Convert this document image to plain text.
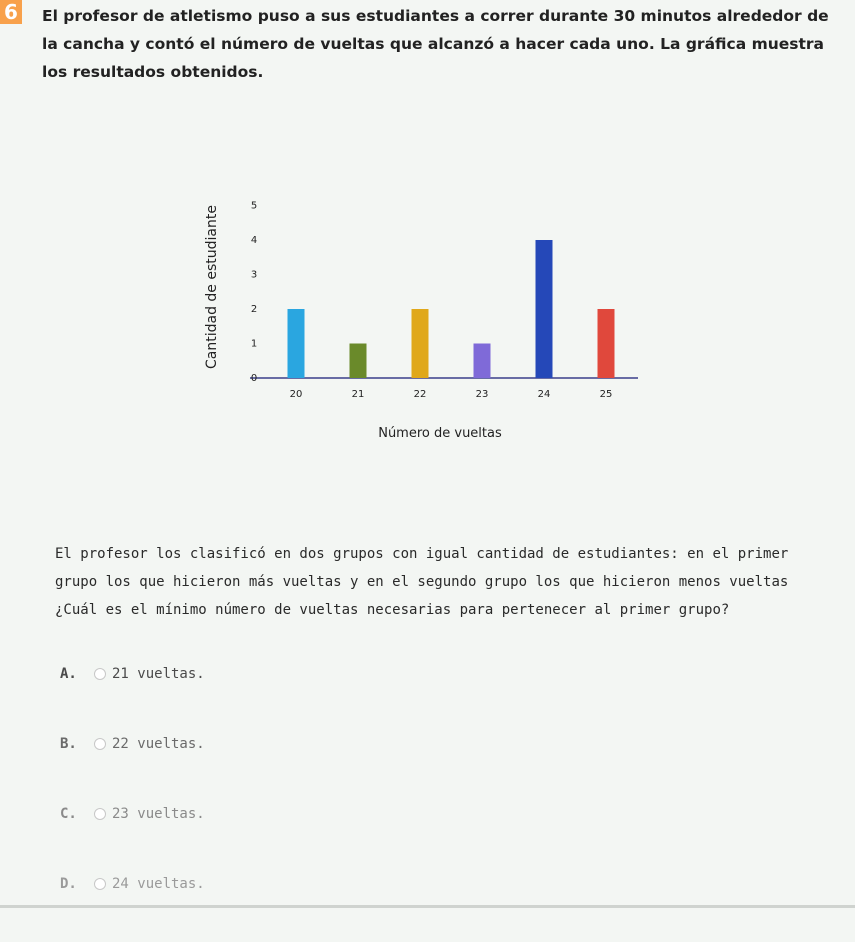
6 El profesor de atletismo puso a sus estudiantes a correr durante 30 minutos alrededor de
la cancha y contó el número de vueltas que alcanzó a hacer cada uno. La gráfica muestra
los resultados obtenidos.
0
1
2
3
4
5
20	21	22	23	24	25
Cantidad de estudiante
Número de vueltas
El profesor los clasificó en dos grupos con igual cantidad de estudiantes: en el primer
grupo los que hicieron más vueltas y en el segundo grupo los que hicieron menos vueltas
¿Cuál es el mínimo número de vueltas necesarias para pertenecer al primer grupo?
A.	21 vueltas.
B.	22 vueltas.
C.	23 vueltas.
D.	24 vueltas.
